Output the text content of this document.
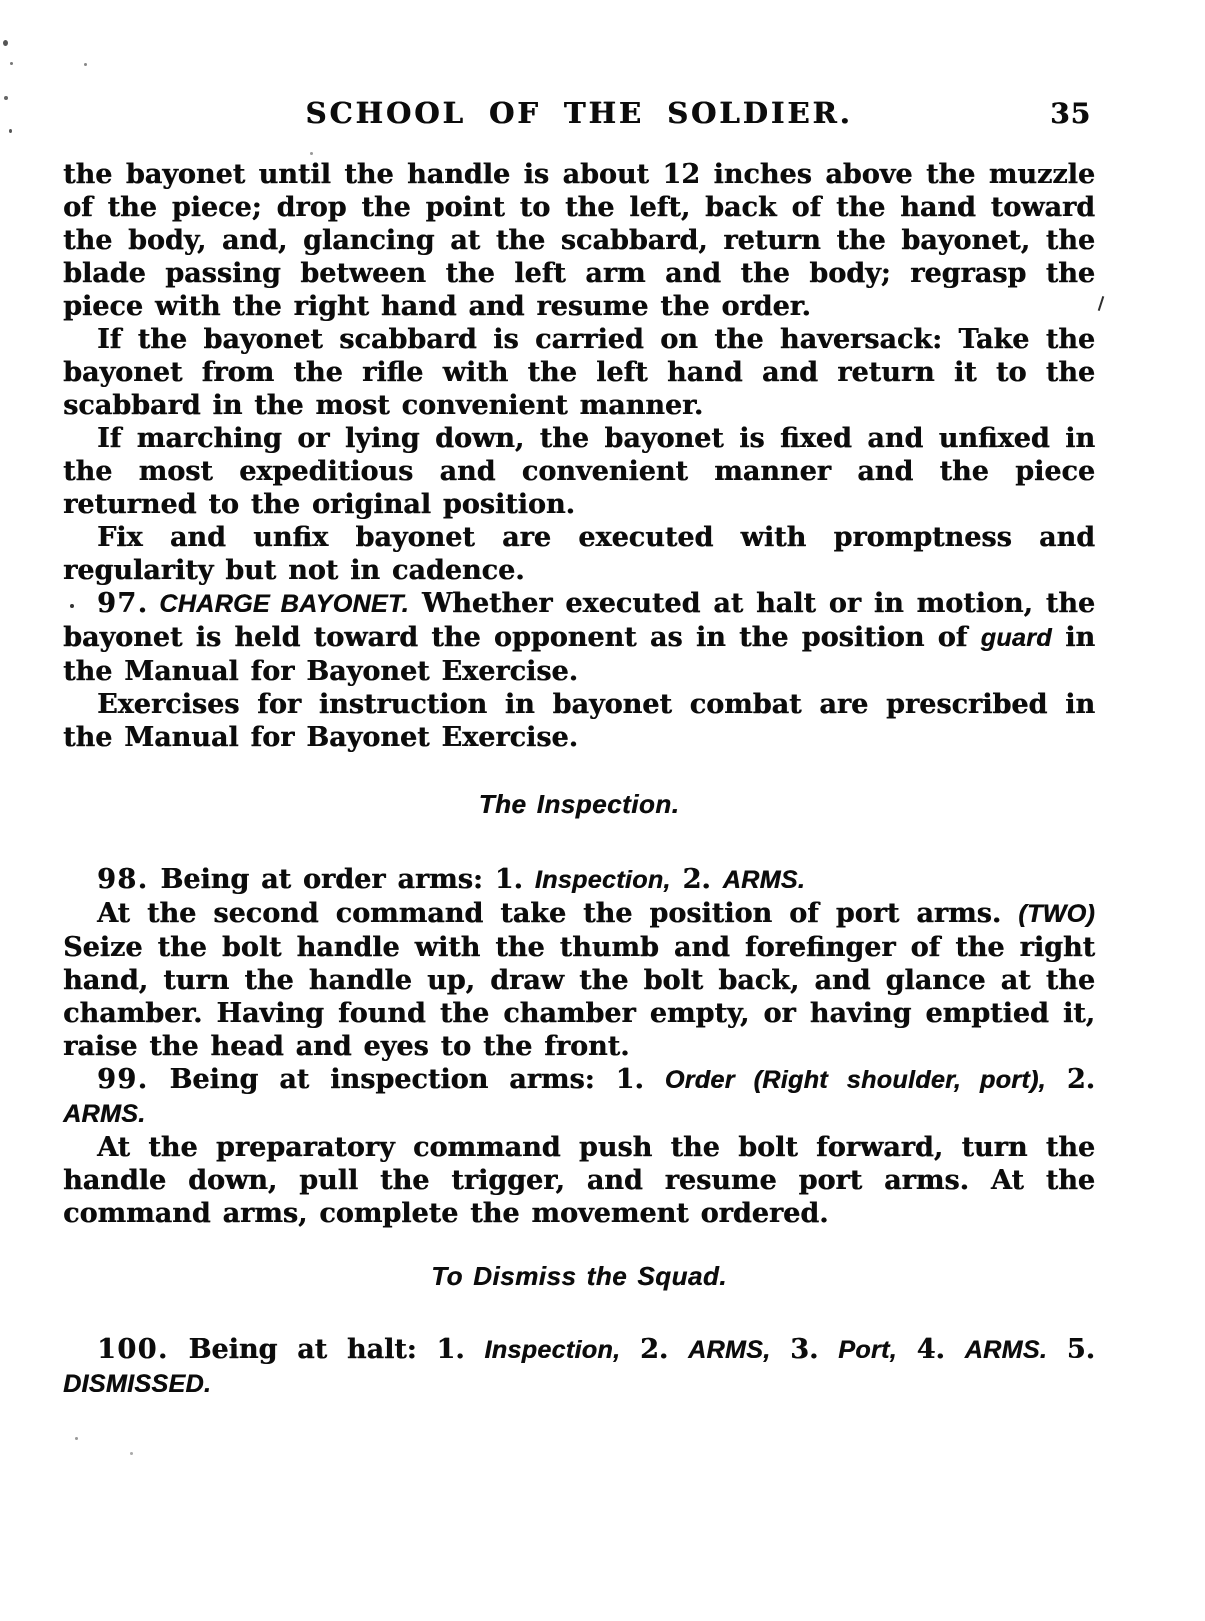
SCHOOL OF THE SOLDIER.	35

the bayonet until the handle is about 12 inches above the muzzle of the piece; drop the point to the left, back of the hand toward the body, and, glancing at the scabbard, return the bayonet, the blade passing between the left arm and the body; regrasp the piece with the right hand and resume the order.

If the bayonet scabbard is carried on the haversack: Take the bayonet from the rifle with the left hand and return it to the scabbard in the most convenient manner.

If marching or lying down, the bayonet is fixed and unfixed in the most expeditious and convenient manner and the piece returned to the original position.

Fix and unfix bayonet are executed with promptness and regularity but not in cadence.

97. CHARGE BAYONET. Whether executed at halt or in motion, the bayonet is held toward the opponent as in the position of guard in the Manual for Bayonet Exercise.

Exercises for instruction in bayonet combat are prescribed in the Manual for Bayonet Exercise.

The Inspection.

98. Being at order arms: 1. Inspection, 2. ARMS.

At the second command take the position of port arms. (TWO) Seize the bolt handle with the thumb and forefinger of the right hand, turn the handle up, draw the bolt back, and glance at the chamber. Having found the chamber empty, or having emptied it, raise the head and eyes to the front.

99. Being at inspection arms: 1. Order (Right shoulder, port), 2. ARMS.

At the preparatory command push the bolt forward, turn the handle down, pull the trigger, and resume port arms. At the command arms, complete the movement ordered.

To Dismiss the Squad.

100. Being at halt: 1. Inspection, 2. ARMS, 3. Port, 4. ARMS. 5. DISMISSED.
